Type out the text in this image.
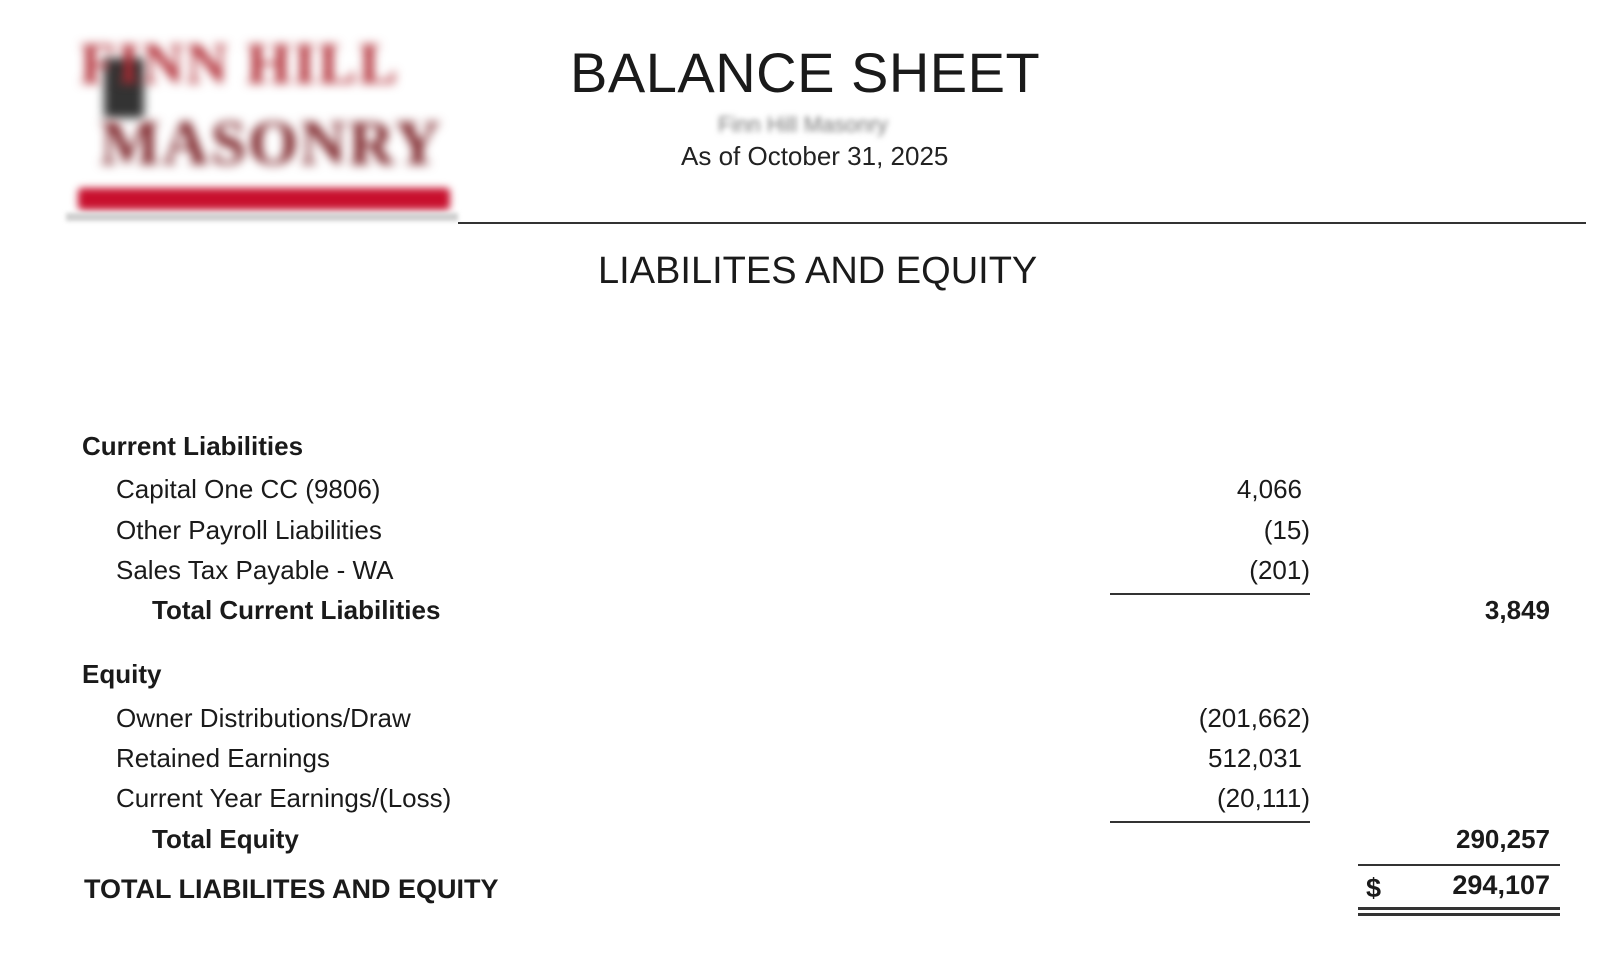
FINN HILL
MASONRY
BALANCE SHEET
Finn Hill Masonry
As of October 31, 2025
LIABILITES AND EQUITY
Current Liabilities
Capital One CC (9806)	4,066
Other Payroll Liabilities	(15)
Sales Tax Payable - WA	(201)
Total Current Liabilities	3,849
Equity
Owner Distributions/Draw	(201,662)
Retained Earnings	512,031
Current Year Earnings/(Loss)	(20,111)
Total Equity	290,257
TOTAL LIABILITES AND EQUITY	$	294,107
